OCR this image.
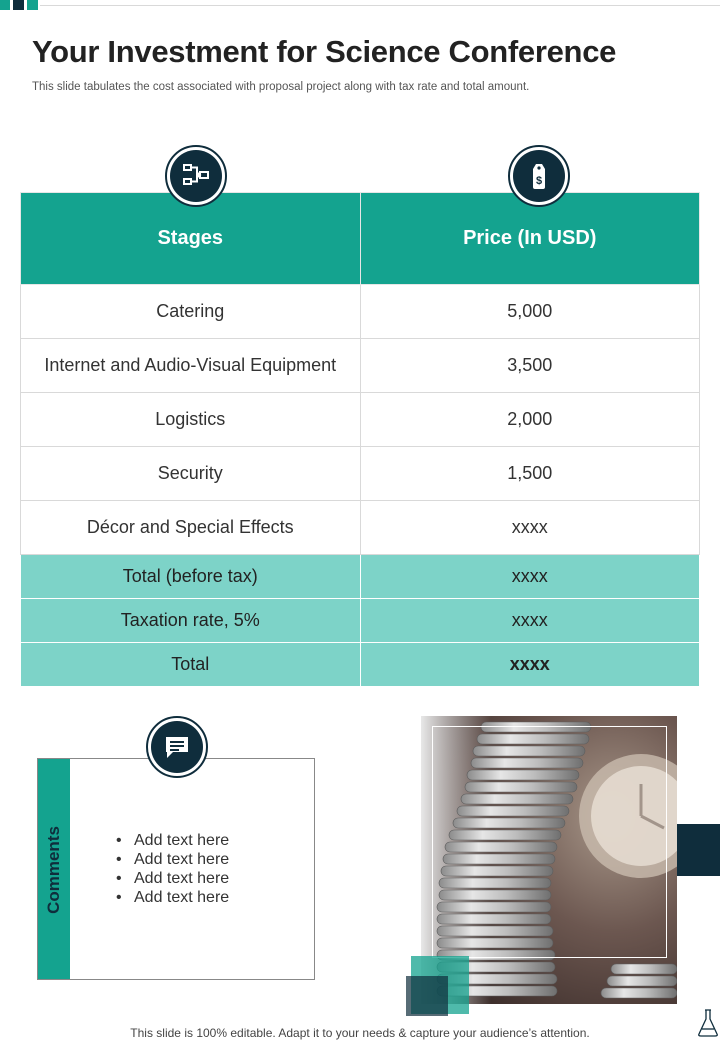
Your Investment for Science Conference

This slide tabulates the cost associated with proposal project along with tax rate and total amount.

$
Stages	Price (In USD)
Catering	5,000
Internet and Audio-Visual Equipment	3,500
Logistics	2,000
Security	1,500
Décor and Special Effects	xxxx
Total (before tax)	xxxx
Taxation rate, 5%	xxxx
Total	xxxx
Comments	• Add text here
• Add text here
• Add text here
• Add text here

This slide is 100% editable. Adapt it to your needs & capture your audience’s attention.
